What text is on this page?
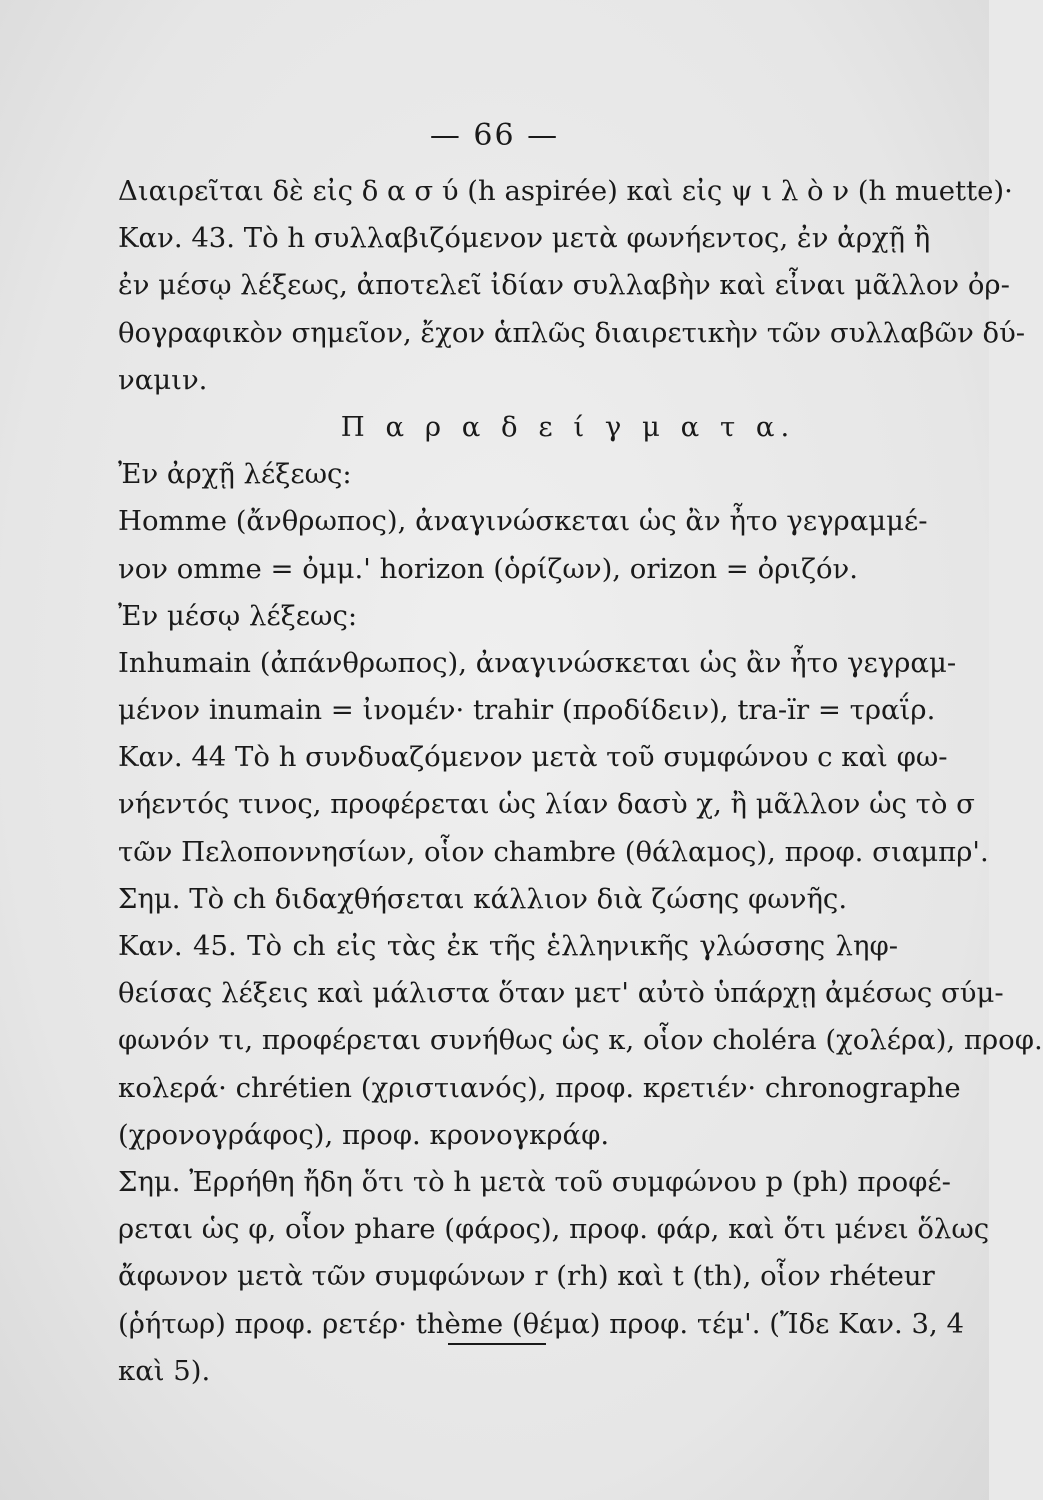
— 66 —
Διαιρεῖται δὲ εἰς δ α σ ύ (h aspirée) καὶ εἰς ψ ι λ ὸ ν (h muette)·
Καν. 43. Τὸ h συλλαβιζόμενον μετὰ φωνήεντος, ἐν ἀρχῇ ἢ
ἐν μέσῳ λέξεως, ἀποτελεῖ ἰδίαν συλλαβὴν καὶ εἶναι μᾶλλον ὀρ-
θογραφικὸν σημεῖον, ἔχον ἁπλῶς διαιρετικὴν τῶν συλλαβῶν δύ-
ναμιν.
Π α ρ α δ ε ί γ μ α τ α.
Ἐν ἀρχῇ λέξεως:
Homme (ἄνθρωπος), ἀναγινώσκεται ὡς ἂν ἦτο γεγραμμέ-
νον omme = ὀμμ.' horizon (ὁρίζων), orizon = ὀριζόν.
Ἐν μέσῳ λέξεως:
Inhumain (ἀπάνθρωπος), ἀναγινώσκεται ὡς ἂν ἦτο γεγραμ-
μένον inumain = ἰνομέν· trahir (προδίδειν), tra-ïr = τραΐρ.
Καν. 44 Τὸ h συνδυαζόμενον μετὰ τοῦ συμφώνου c καὶ φω-
νήεντός τινος, προφέρεται ὡς λίαν δασὺ χ, ἢ μᾶλλον ὡς τὸ σ
τῶν Πελοποννησίων, οἷον chambre (θάλαμος), προφ. σιαμπρ'.
Σημ. Τὸ ch διδαχθήσεται κάλλιον διὰ ζώσης φωνῆς.
Καν. 45. Τὸ ch εἰς τὰς ἐκ τῆς ἑλληνικῆς γλώσσης ληφ-
θείσας λέξεις καὶ μάλιστα ὅταν μετ' αὐτὸ ὑπάρχῃ ἀμέσως σύμ-
φωνόν τι, προφέρεται συνήθως ὡς κ, οἷον choléra (χολέρα), προφ.
κολερά· chrétien (χριστιανός), προφ. κρετιέν· chronographe
(χρονογράφος), προφ. κρονογκράφ.
Σημ. Ἐρρήθη ἤδη ὅτι τὸ h μετὰ τοῦ συμφώνου p (ph) προφέ-
ρεται ὡς φ, οἷον phare (φάρος), προφ. φάρ, καὶ ὅτι μένει ὅλως
ἄφωνον μετὰ τῶν συμφώνων r (rh) καὶ t (th), οἷον rhéteur
(ῥήτωρ) προφ. ρετέρ· thème (θέμα) προφ. τέμ'. (Ἴδε Καν. 3, 4
καὶ 5).
